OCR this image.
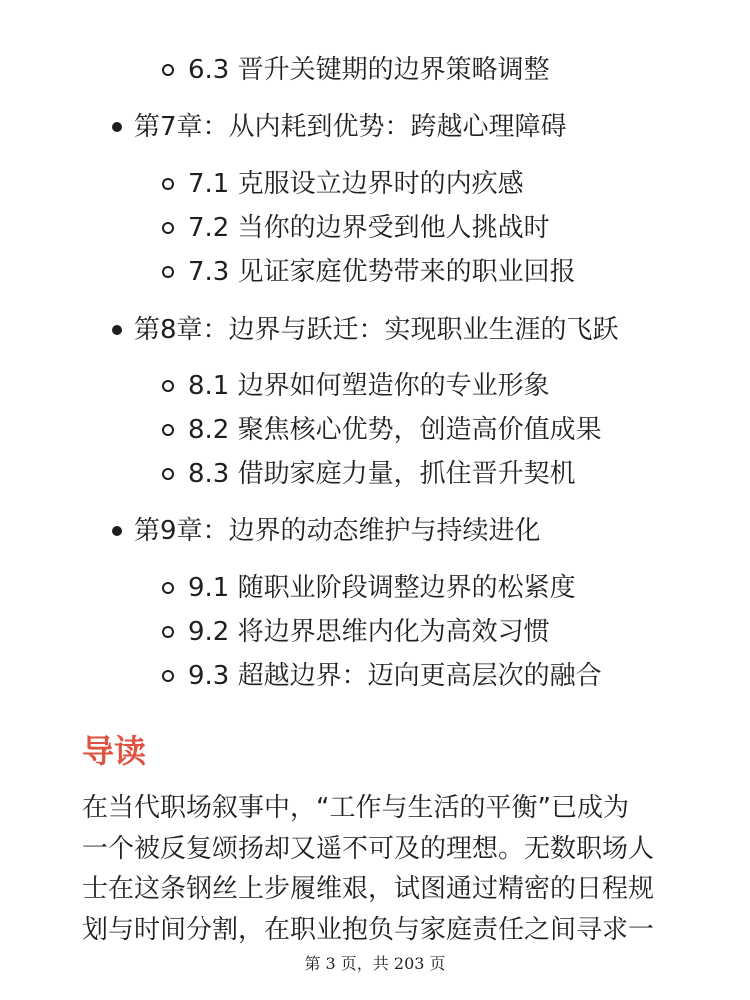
6.3 晋升关键期的边界策略调整
第7章：从内耗到优势：跨越心理障碍
7.1 克服设立边界时的内疚感
7.2 当你的边界受到他人挑战时
7.3 见证家庭优势带来的职业回报
第8章：边界与跃迁：实现职业生涯的飞跃
8.1 边界如何塑造你的专业形象
8.2 聚焦核心优势，创造高价值成果
8.3 借助家庭力量，抓住晋升契机
第9章：边界的动态维护与持续进化
9.1 随职业阶段调整边界的松紧度
9.2 将边界思维内化为高效习惯
9.3 超越边界：迈向更高层次的融合
导读

在当代职场叙事中，“工作与生活的平衡”已成为
一个被反复颂扬却又遥不可及的理想。无数职场人
士在这条钢丝上步履维艰，试图通过精密的日程规
划与时间分割，在职业抱负与家庭责任之间寻求一

第 3 页，共 203 页
